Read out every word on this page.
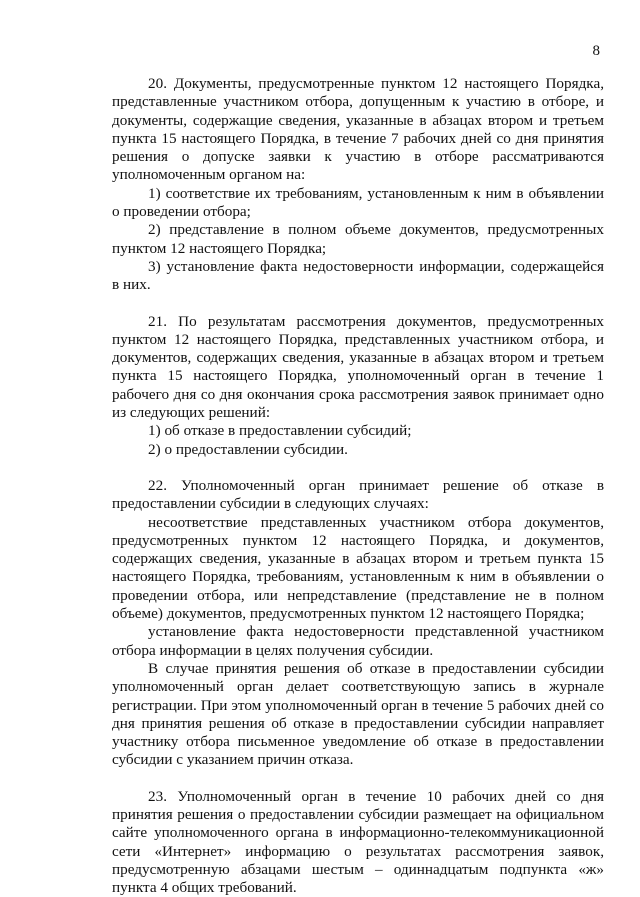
8

20. Документы, предусмотренные пунктом 12 настоящего Порядка, представленные участником отбора, допущенным к участию в отборе, и документы, содержащие сведения, указанные в абзацах втором и третьем пункта 15 настоящего Порядка, в течение 7 рабочих дней со дня принятия решения о допуске заявки к участию в отборе рассматриваются уполномоченным органом на:

1) соответствие их требованиям, установленным к ним в объявлении о проведении отбора;

2) представление в полном объеме документов, предусмотренных пунктом 12 настоящего Порядка;

3) установление факта недостоверности информации, содержащейся в них.

21. По результатам рассмотрения документов, предусмотренных пунктом 12 настоящего Порядка, представленных участником отбора, и документов, содержащих сведения, указанные в абзацах втором и третьем пункта 15 настоящего Порядка, уполномоченный орган в течение 1 рабочего дня со дня окончания срока рассмотрения заявок принимает одно из следующих решений:

1) об отказе в предоставлении субсидий;

2) о предоставлении субсидии.

22. Уполномоченный орган принимает решение об отказе в предоставлении субсидии в следующих случаях:

несоответствие представленных участником отбора документов, предусмотренных пунктом 12 настоящего Порядка, и документов, содержащих сведения, указанные в абзацах втором и третьем пункта 15 настоящего Порядка, требованиям, установленным к ним в объявлении о проведении отбора, или непредставление (представление не в полном объеме) документов, предусмотренных пунктом 12 настоящего Порядка;

установление факта недостоверности представленной участником отбора информации в целях получения субсидии.

В случае принятия решения об отказе в предоставлении субсидии уполномоченный орган делает соответствующую запись в журнале регистрации. При этом уполномоченный орган в течение 5 рабочих дней со дня принятия решения об отказе в предоставлении субсидии направляет участнику отбора письменное уведомление об отказе в предоставлении субсидии с указанием причин отказа.

23. Уполномоченный орган в течение 10 рабочих дней со дня принятия решения о предоставлении субсидии размещает на официальном сайте уполномоченного органа в информационно-телекоммуникационной сети «Интернет» информацию о результатах рассмотрения заявок, предусмотренную абзацами шестым – одиннадцатым подпункта «ж» пункта 4 общих требований.
